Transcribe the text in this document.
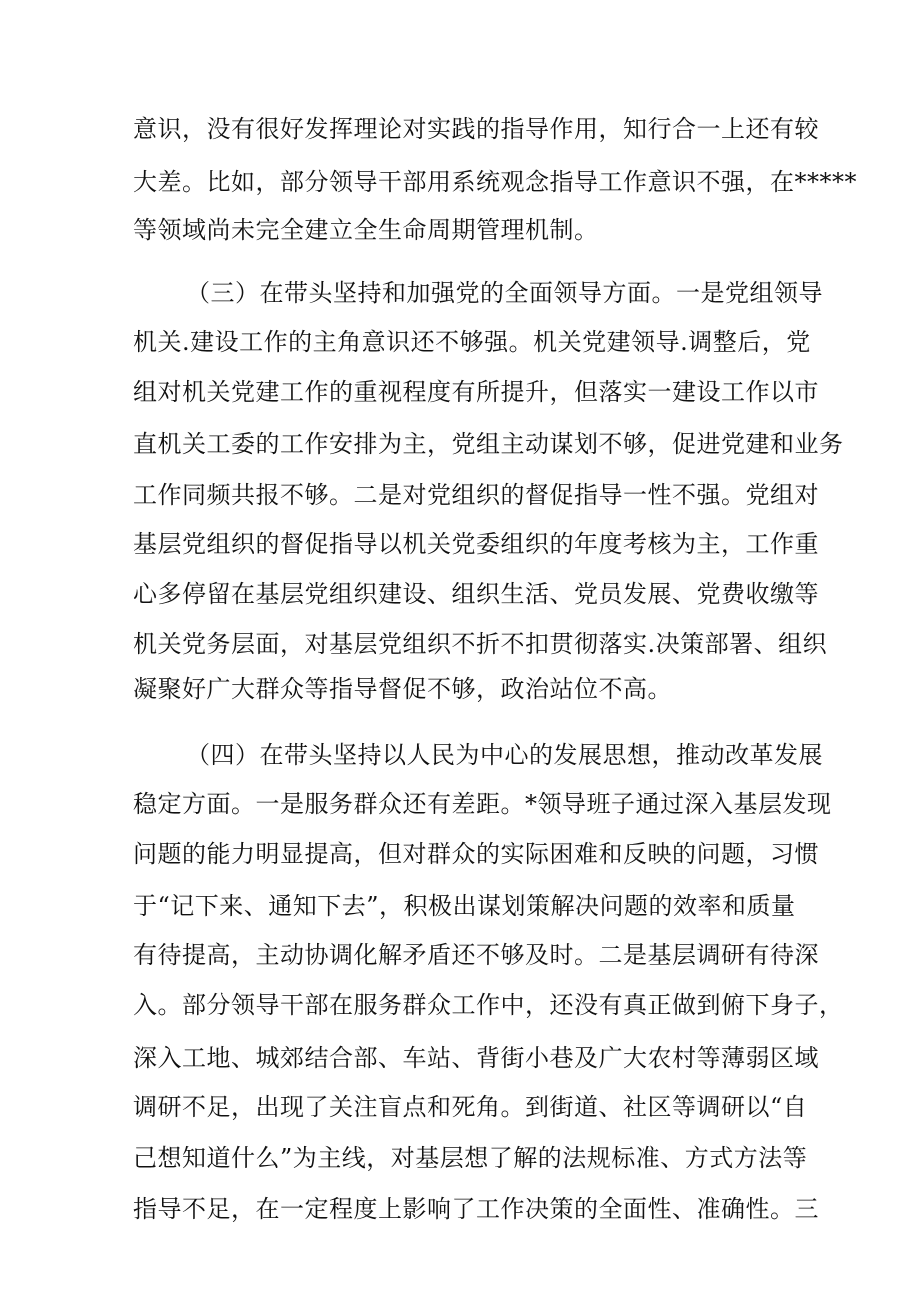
意识，没有很好发挥理论对实践的指导作用，知行合一上还有较
大差。比如，部分领导干部用系统观念指导工作意识不强，在*****
等领域尚未完全建立全生命周期管理机制。
（三）在带头坚持和加强党的全面领导方面。一是党组领导
机关.建设工作的主角意识还不够强。机关党建领导.调整后，党
组对机关党建工作的重视程度有所提升，但落实一建设工作以市
直机关工委的工作安排为主，党组主动谋划不够，促进党建和业务
工作同频共报不够。二是对党组织的督促指导一性不强。党组对
基层党组织的督促指导以机关党委组织的年度考核为主，工作重
心多停留在基层党组织建设、组织生活、党员发展、党费收缴等
机关党务层面，对基层党组织不折不扣贯彻落实.决策部署、组织
凝聚好广大群众等指导督促不够，政治站位不高。
（四）在带头坚持以人民为中心的发展思想，推动改革发展
稳定方面。一是服务群众还有差距。*领导班子通过深入基层发现
问题的能力明显提高，但对群众的实际困难和反映的问题，习惯
于“记下来、通知下去”，积极出谋划策解决问题的效率和质量
有待提高，主动协调化解矛盾还不够及时。二是基层调研有待深
入。部分领导干部在服务群众工作中，还没有真正做到俯下身子，
深入工地、城郊结合部、车站、背街小巷及广大农村等薄弱区域
调研不足，出现了关注盲点和死角。到街道、社区等调研以“自
己想知道什么”为主线，对基层想了解的法规标准、方式方法等
指导不足，在一定程度上影响了工作决策的全面性、准确性。三
